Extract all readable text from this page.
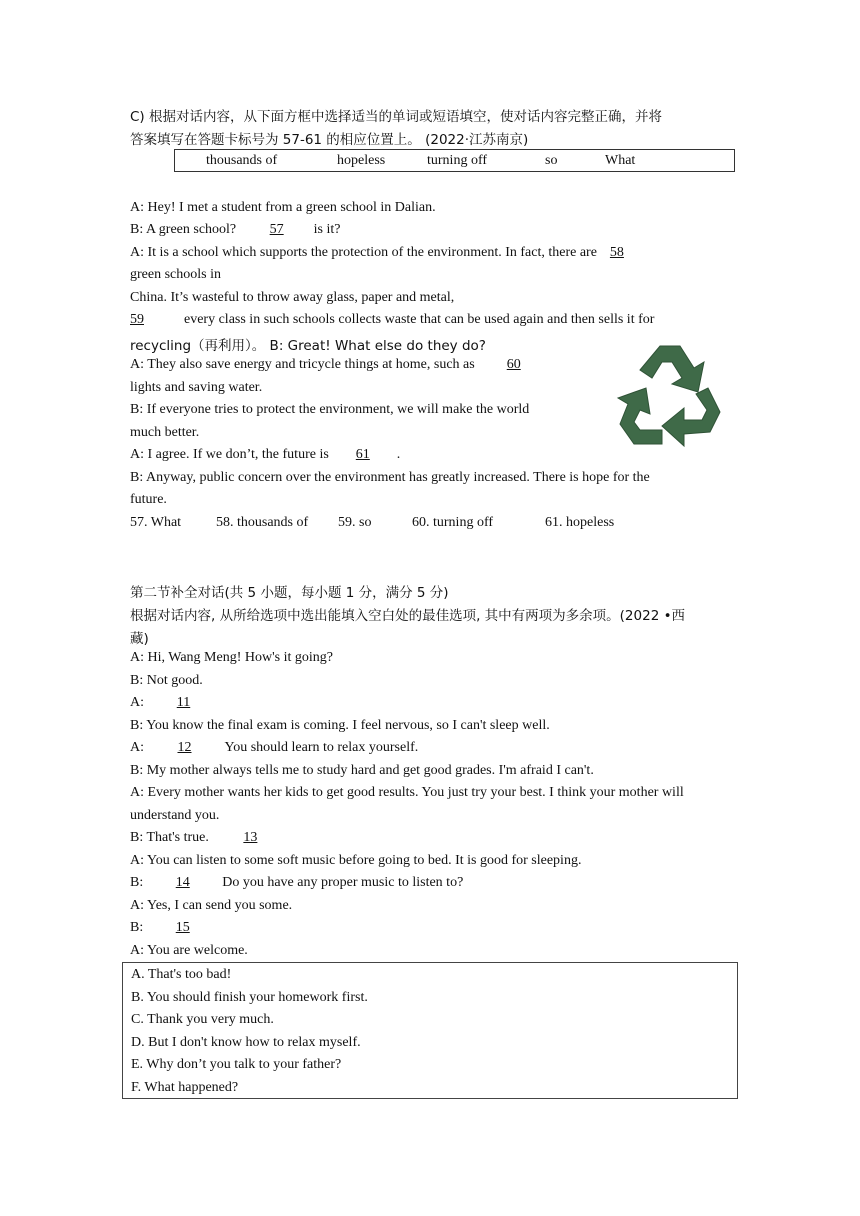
C) 根据对话内容，从下面方框中选择适当的单词或短语填空，使对话内容完整正确，并将
答案填写在答题卡标号为 57-61 的相应位置上。 (2022·江苏南京)
thousands of	hopeless	turning off	so	What
A: Hey! I met a student from a green school in Dalian.
B: A green school? 57 is it?
A: It is a school which supports the protection of the environment. In fact, there are 58
green schools in
China. It’s wasteful to throw away glass, paper and metal,
59	every class in such schools collects waste that can be used again and then sells it for
recycling（再利用）。 B: Great! What else do they do?
A: They also save energy and tricycle things at home, such as 60
lights and saving water.
B: If everyone tries to protect the environment, we will make the world
much better.
A: I agree. If we don’t, the future is 61 .
B: Anyway, public concern over the environment has greatly increased. There is hope for the
future.
57. What 58. thousands of 59. so	60. turning off	61. hopeless
第二节补全对话(共 5 小题，每小题 1 分，满分 5 分)
根据对话内容, 从所给选项中选出能填入空白处的最佳选项, 其中有两项为多余项。(2022 •西
藏)
A: Hi, Wang Meng! How's it going?
B: Not good.
A: 11
B: You know the final exam is coming. I feel nervous, so I can't sleep well.
A: 12 You should learn to relax yourself.
B: My mother always tells me to study hard and get good grades. I'm afraid I can't.
A: Every mother wants her kids to get good results. You just try your best. I think your mother will
understand you.
B: That's true. 13
A: You can listen to some soft music before going to bed. It is good for sleeping.
B: 14 Do you have any proper music to listen to?
A: Yes, I can send you some.
B: 15
A: You are welcome.
A. That's too bad!
B. You should finish your homework first.
C. Thank you very much.
D. But I don't know how to relax myself.
E. Why don’t you talk to your father?
F. What happened?
